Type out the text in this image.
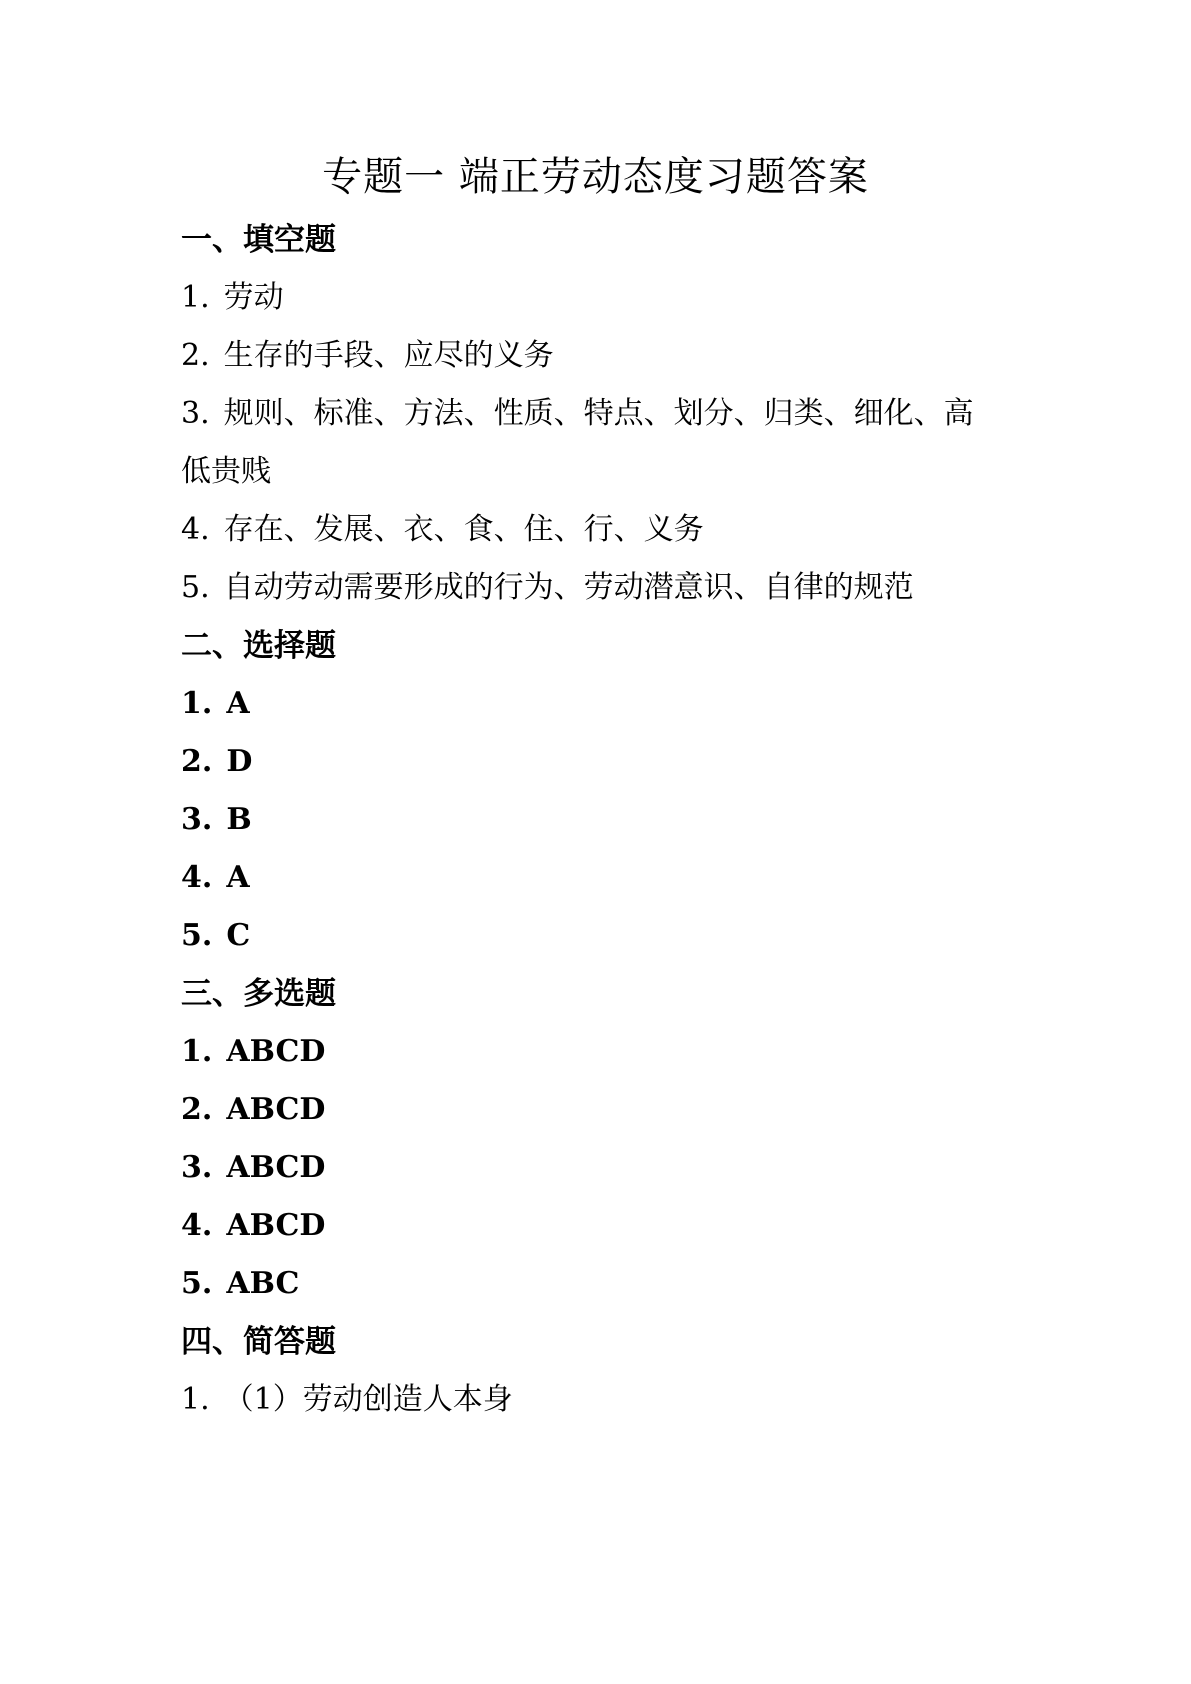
专题一 端正劳动态度习题答案

一、填空题

1. 劳动

2. 生存的手段、应尽的义务

3. 规则、标准、方法、性质、特点、划分、归类、细化、高

低贵贱

4. 存在、发展、衣、食、住、行、义务

5. 自动劳动需要形成的行为、劳动潜意识、自律的规范

二、选择题

1. A

2. D

3. B

4. A

5. C

三、多选题

1. ABCD

2. ABCD

3. ABCD

4. ABCD

5. ABC

四、简答题

1. （1）劳动创造人本身
